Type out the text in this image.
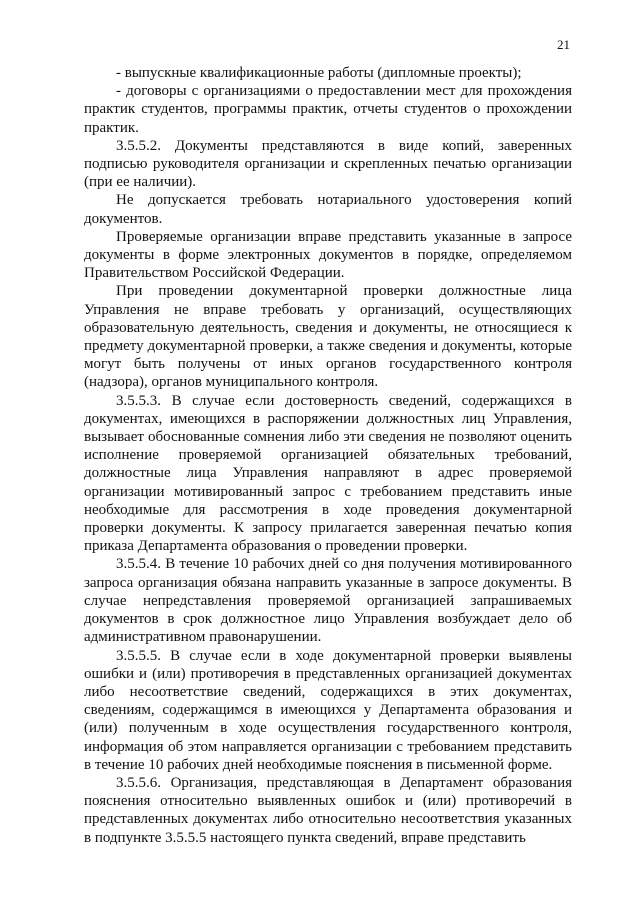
21

- выпускные квалификационные работы (дипломные проекты);

- договоры с организациями о предоставлении мест для прохождения практик студентов, программы практик, отчеты студентов о прохождении практик.

3.5.5.2. Документы представляются в виде копий, заверенных подписью руководителя организации и скрепленных печатью организации (при ее наличии).

Не допускается требовать нотариального удостоверения копий документов.

Проверяемые организации вправе представить указанные в запросе документы в форме электронных документов в порядке, определяемом Правительством Российской Федерации.

При проведении документарной проверки должностные лица Управления не вправе требовать у организаций, осуществляющих образовательную деятельность, сведения и документы, не относящиеся к предмету документарной проверки, а также сведения и документы, которые могут быть получены от иных органов государственного контроля (надзора), органов муниципального контроля.

3.5.5.3. В случае если достоверность сведений, содержащихся в документах, имеющихся в распоряжении должностных лиц Управления, вызывает обоснованные сомнения либо эти сведения не позволяют оценить исполнение проверяемой организацией обязательных требований, должностные лица Управления направляют в адрес проверяемой организации мотивированный запрос с требованием представить иные необходимые для рассмотрения в ходе проведения документарной проверки документы. К запросу прилагается заверенная печатью копия приказа Департамента образования о проведении проверки.

3.5.5.4. В течение 10 рабочих дней со дня получения мотивированного запроса организация обязана направить указанные в запросе документы. В случае непредставления проверяемой организацией запрашиваемых документов в срок должностное лицо Управления возбуждает дело об административном правонарушении.

3.5.5.5. В случае если в ходе документарной проверки выявлены ошибки и (или) противоречия в представленных организацией документах либо несоответствие сведений, содержащихся в этих документах, сведениям, содержащимся в имеющихся у Департамента образования и (или) полученным в ходе осуществления государственного контроля, информация об этом направляется организации с требованием представить в течение 10 рабочих дней необходимые пояснения в письменной форме.

3.5.5.6. Организация, представляющая в Департамент образования пояснения относительно выявленных ошибок и (или) противоречий в представленных документах либо относительно несоответствия указанных в подпункте 3.5.5.5 настоящего пункта сведений, вправе представить
